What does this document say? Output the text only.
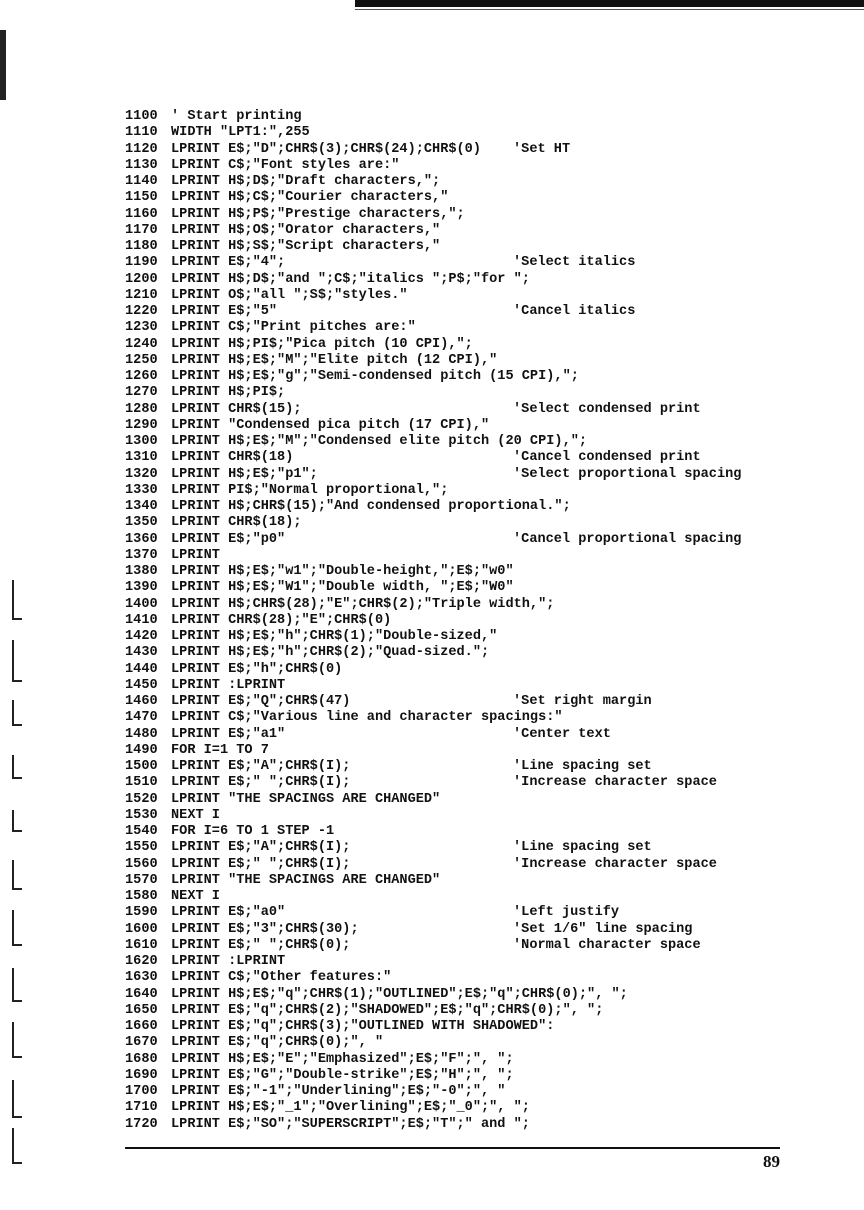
1100 ' Start printing
1110 WIDTH "LPT1:",255
1120 LPRINT E$;"D";CHR$(3);CHR$(24);CHR$(0) 'Set HT
1130 LPRINT C$;"Font styles are:"
1140 LPRINT H$;D$;"Draft characters,";
1150 LPRINT H$;C$;"Courier characters,"
1160 LPRINT H$;P$;"Prestige characters,";
1170 LPRINT H$;O$;"Orator characters,"
1180 LPRINT H$;S$;"Script characters,"
1190 LPRINT E$;"4";	'Select italics
1200 LPRINT H$;D$;"and ";C$;"italics ";P$;"for ";
1210 LPRINT O$;"all ";S$;"styles."
1220 LPRINT E$;"5"	'Cancel italics
1230 LPRINT C$;"Print pitches are:"
1240 LPRINT H$;PI$;"Pica pitch (10 CPI),";
1250 LPRINT H$;E$;"M";"Elite pitch (12 CPI),"
1260 LPRINT H$;E$;"g";"Semi-condensed pitch (15 CPI),";
1270 LPRINT H$;PI$;
1280 LPRINT CHR$(15);	'Select condensed print
1290 LPRINT "Condensed pica pitch (17 CPI),"
1300 LPRINT H$;E$;"M";"Condensed elite pitch (20 CPI),";
1310 LPRINT CHR$(18)	'Cancel condensed print
1320 LPRINT H$;E$;"p1";	'Select proportional spacing
1330 LPRINT PI$;"Normal proportional,";
1340 LPRINT H$;CHR$(15);"And condensed proportional.";
1350 LPRINT CHR$(18);
1360 LPRINT E$;"p0"	'Cancel proportional spacing
1370 LPRINT
1380 LPRINT H$;E$;"w1";"Double-height,";E$;"w0"
1390 LPRINT H$;E$;"W1";"Double width, ";E$;"W0"
1400 LPRINT H$;CHR$(28);"E";CHR$(2);"Triple width,";
1410 LPRINT CHR$(28);"E";CHR$(0)
1420 LPRINT H$;E$;"h";CHR$(1);"Double-sized,"
1430 LPRINT H$;E$;"h";CHR$(2);"Quad-sized.";
1440 LPRINT E$;"h";CHR$(0)
1450 LPRINT :LPRINT
1460 LPRINT E$;"Q";CHR$(47)	'Set right margin
1470 LPRINT C$;"Various line and character spacings:"
1480 LPRINT E$;"a1"	'Center text
1490 FOR I=1 TO 7
1500 LPRINT E$;"A";CHR$(I);	'Line spacing set
1510 LPRINT E$;" ";CHR$(I);	'Increase character space
1520 LPRINT "THE SPACINGS ARE CHANGED"
1530 NEXT I
1540 FOR I=6 TO 1 STEP -1
1550 LPRINT E$;"A";CHR$(I);	'Line spacing set
1560 LPRINT E$;" ";CHR$(I);	'Increase character space
1570 LPRINT "THE SPACINGS ARE CHANGED"
1580 NEXT I
1590 LPRINT E$;"a0"	'Left justify
1600 LPRINT E$;"3";CHR$(30);	'Set 1/6" line spacing
1610 LPRINT E$;" ";CHR$(0);	'Normal character space
1620 LPRINT :LPRINT
1630 LPRINT C$;"Other features:"
1640 LPRINT H$;E$;"q";CHR$(1);"OUTLINED";E$;"q";CHR$(0);", ";
1650 LPRINT E$;"q";CHR$(2);"SHADOWED";E$;"q";CHR$(0);", ";
1660 LPRINT E$;"q";CHR$(3);"OUTLINED WITH SHADOWED":
1670 LPRINT E$;"q";CHR$(0);", "
1680 LPRINT H$;E$;"E";"Emphasized";E$;"F";", ";
1690 LPRINT E$;"G";"Double-strike";E$;"H";", ";
1700 LPRINT E$;"-1";"Underlining";E$;"-0";", "
1710 LPRINT H$;E$;"_1";"Overlining";E$;"_0";", ";
1720 LPRINT E$;"SO";"SUPERSCRIPT";E$;"T";" and ";
89
